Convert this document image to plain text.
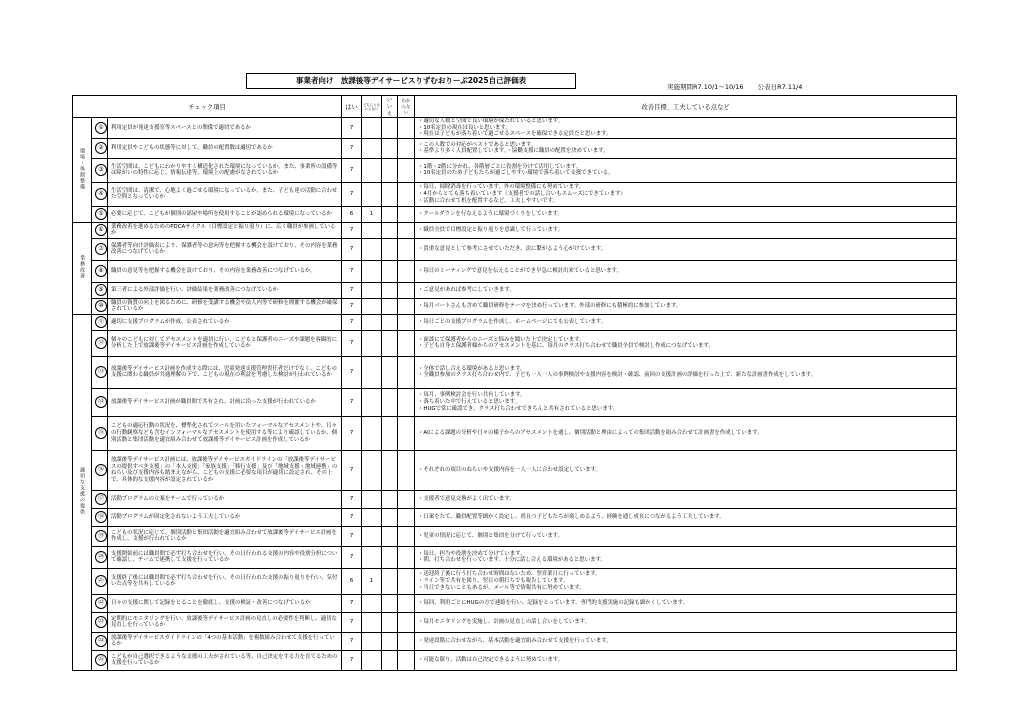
事業者向け　放課後等デイサービスりずむおりーぶ2025自己評価表
実施期間R7.10/1〜10/16 公表日R7.11/4
チェック項目			はい	どちらともいえない	いいえ	わからない	改善目標、工夫している点など
環境・体制整備	①	利用定員が発達支援室等スペースとの関係で適切であるか	7				・適切な人数と空間で良い環境が保たれていると思います。
・10名定員の現在は良いと思います。
・現在は子どもが落ち着いて過ごせるスペースを確保できる定員だと思います。
	②	利用定員やこどもの状態等に対して、職員の配置数は適切であるか	7				・この人数での対応がベストであると思います。
・基準より多く人員配置しています。・協働支援に職員の配置を決めています。
	③	生活空間は、こどもにわかりやすく構造化された環境になっているか。また、事業所の設備等は障がいの特性に応じ、情報伝達等、環境上の配慮がなされているか	7				・1階・2階に分かれ、各階層ごとに役割を分けて活用しています。
・10名定員のため子どもたちが過ごしやすい環境で落ち着いて支援できている。
	④	生活空間は、清潔で、心地よく過ごせる環境になっているか。また、子ども達の活動に合わせた空間となっているか	7				・毎日、掃除消毒を行っています。外の環境整備にも努めています。
・4月からとても落ち着いています（支援者での話し合いもスムーズにできています）
・活動に合わせて机を配置するなど、工夫しやすいです。
	⑤	必要に応じて、こどもが個別の部屋や場所を使用することが認められる環境になっているか	6	1			・クールダウンを行なえるように環境づくりをしています。
業務改善	⑥	業務改善を進めるためのPDCAサイクル（目標設定と振り返り）に、広く職員が参画しているか	7				・職員全員で目標設定と振り返りを意識して行っています。
	⑦	保護者等向け評価表により、保護者等の意向等を把握する機会を設けており、その内容を業務改善につなげているか	7				・貴重な意見として参考にさせていただき、次に繋がるよう心がけています。
	⑧	職員の意見等を把握する機会を設けており、その内容を業務改善につなげているか。	7				・毎日のミーティングで意見を伝えることができ早急に検討出来ていると思います。
	⑨	第三者による外部評価を行い、評価結果を業務改善につなげているか	7				・ご意見があれば参考にしていきます。
	⑩	職員の資質の向上を図るために、研修を受講する機会や法人内等で研修を開催する機会が確保されているか	7				・毎月パートさんも含めて職員研修をテーマを決め行っています。外部の研修にも積極的に参加しています。
適切な支援の提供	⑪	適切に支援プログラムが作成、公表されているか	7				・毎日ごとの支援プログラムを作成し、ホームページにても公表しています。
	⑫	個々のこどもに対してアセスメントを適切に行い、こどもと保護者のニーズや課題を客観的に分析した上で放課後等デイサービス計画を作成しているか	7				・面談にて保護者からのニーズと悩みを聞いた上で決定しています。
・子ども自身と保護者様からのアセスメントを基に、毎月のクラス打ち合わせで職員全員で検討し作成につなげています。
	⑬	放課後等デイサービス計画を作成する際には、児童発達支援管理責任者だけでなく、こどもの支援に関わる職員が共通理解の下で、こどもの現在の利益を考慮した検討が行われているか	7				・全体で話し合える環境があると思います。
・全職員参加のクラス打ち合わせ内で、子ども一人一人の事例検討や支援内容を検討・確認、前回の支援計画の評価を行った上で、新たな計画書作成をしています。
	⑭	放課後等デイサービス計画が職員間で共有され、計画に沿った支援が行われているか	7				・毎月、事例検討会を行い共有しています。
・落ち着いた中で行えていると思います。
・HUGで常に確認でき、クラス打ち合わせできちんと共有されていると思います。
	⑮	こどもの適応行動の状況を、標準化されてツールを用いたフォーマルなアセスメントや、日々の行動観察なども含むインフォーマルなアセスメントを使用する等により確認しているか、個別活動と集団活動を適宜組み合わせて放課後等デイサービス計画を作成しているか	7				・AIによる課題の分析や日々の様子からのアセスメントを通し、個別活動と理由によっての集団活動を組み合わせて計画書を作成しています。
	⑯	放課後等デイサービス計画には、放課後等デイサービスガイドラインの「放課後等デイサービスの提供すべき支援」の「本人支援」「家族支援」「移行支援」及び「地域支援・地域連携」のねらい及び支援内容も踏まえながら、こどもの支援に必要な項目が適切に設定され、その上で、具体的な支援内容が設定されているか	7				・それぞれの項目のねらいや支援内容を一人一人に合わせ設定しています。
	⑰	活動プログラムの立案をチームで行っているか	7				・支援者で意見交換がよく出ています。
	⑱	活動プログラムが固定化されないよう工夫しているか	7				・日案をたて、職員配置等細かく設定し、尚且つ子どもたちが楽しめるよう、経験を通し成長につながるよう工夫しています。
	⑲	こどもの状況に応じて、個別活動と集団活動を適宜組み合わせて放課後等デイサービス計画を作成し、支援が行われているか	7				・児童の情況に応じて、個別と集団を分けて行っています。
	⑳	支援開始前には職員間で必ず打ち合わせを行い、その日行われる支援の内容や役割分担について確認し、チームで連携して支援を行っているか	7				・毎日、担当や役割を決めて分けています。
・朝、打ち合わせを行っています。十分に話し合える環境があると思います。
	㉑	支援終了後には職員間で必ず打ち合わせを行い、その日行われた支援の振り返りを行い、気付いた点等を共有しているか	6	1			・送迎終了後に行う打ち合わせ時間はないため、翌営業日に行っています。
・ライン等で共有を図り、翌日の朝打ちでも報告しています。
・当日できないこともあるが、メール等で情報共有に努めています。
	㉒	日々の支援に関して記録をとることを徹底し、支援の検証・改善につなげているか	7				・毎回、利用ごとにHUGの方で連絡を行い、記録をとっています。専門的支援実施の記録も細かくしています。
	㉓	定期的にモニタリングを行い、放課後等デイサービス計画の見直しの必要性を判断し、適切な見直しを行っているか	7				・毎月モニタリングを実施し、計画の見直しの話し合いをしています。
	㉔	放課後等デイサービスガイドラインの「4つの基本活動」を複数組み合わせて支援を行っているか	7				・発達段階に合わせながら、基本活動を適宜組み合わせて支援を行っています。
	㉕	こどもが自己選択できるような支援の工夫がされている等、自己決定をする力を育てるための支援を行っているか	7				・可能な限り、活動は自己決定できるように努めています。
